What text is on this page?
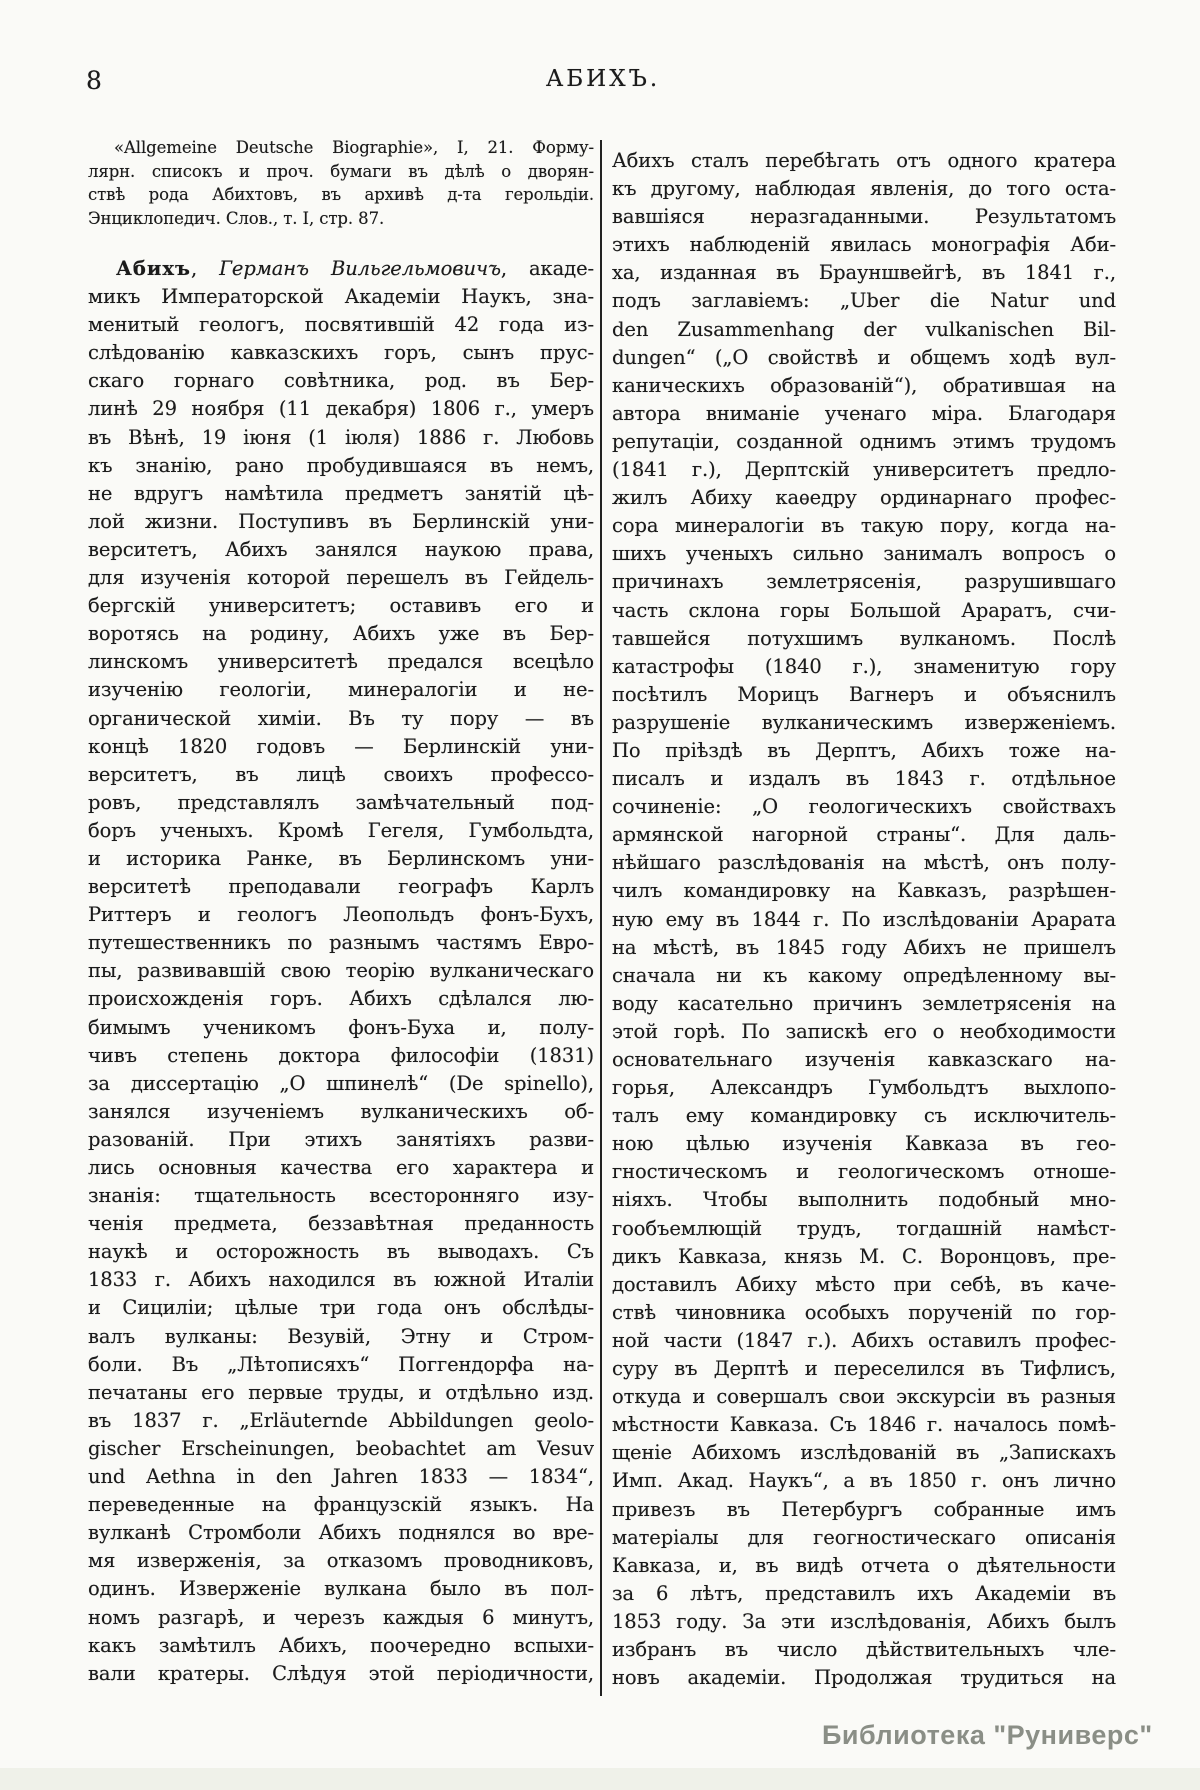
8	АБИХЪ.
«Allgemeine Deutsche Biographie», I, 21. Форму-
лярн. списокъ и проч. бумаги въ дѣлѣ о дворян-
ствѣ рода Абихтовъ, въ архивѣ д-та герольдіи.
Энциклопедич. Слов., т. I, стр. 87.
Абихъ, Германъ Вильгельмовичъ, акаде-
микъ Императорской Академіи Наукъ, зна-
менитый геологъ, посвятившій 42 года из-
слѣдованію кавказскихъ горъ, сынъ прус-
скаго горнаго совѣтника, род. въ Бер-
линѣ 29 ноября (11 декабря) 1806 г., умеръ
въ Вѣнѣ, 19 іюня (1 іюля) 1886 г. Любовь
къ знанію, рано пробудившаяся въ немъ,
не вдругъ намѣтила предметъ занятій цѣ-
лой жизни. Поступивъ въ Берлинскій уни-
верситетъ, Абихъ занялся наукою права,
для изученія которой перешелъ въ Гейдель-
бергскій университетъ; оставивъ его и
воротясь на родину, Абихъ уже въ Бер-
линскомъ университетѣ предался всецѣло
изученію геологіи, минералогіи и не-
органической химіи. Въ ту пору — въ
концѣ 1820 годовъ — Берлинскій уни-
верситетъ, въ лицѣ своихъ профессо-
ровъ, представлялъ замѣчательный под-
боръ ученыхъ. Кромѣ Гегеля, Гумбольдта,
и историка Ранке, въ Берлинскомъ уни-
верситетѣ преподавали географъ Карлъ
Риттеръ и геологъ Леопольдъ фонъ-Бухъ,
путешественникъ по разнымъ частямъ Евро-
пы, развивавшій свою теорію вулканическаго
происхожденія горъ. Абихъ сдѣлался лю-
бимымъ ученикомъ фонъ-Буха и, полу-
чивъ степень доктора философіи (1831)
за диссертацію „О шпинелѣ“ (De spinello),
занялся изученіемъ вулканическихъ об-
разованій. При этихъ занятіяхъ разви-
лись основныя качества его характера и
знанія: тщательность всесторонняго изу-
ченія предмета, беззавѣтная преданность
наукѣ и осторожность въ выводахъ. Съ
1833 г. Абихъ находился въ южной Италіи
и Сициліи; цѣлые три года онъ обслѣды-
валъ вулканы: Везувій, Этну и Стром-
боли. Въ „Лѣтописяхъ“ Поггендорфа на-
печатаны его первые труды, и отдѣльно изд.
въ 1837 г. „Erläuternde Abbildungen geolo-
gischer Erscheinungen, beobachtet am Vesuv
und Aethna in den Jahren 1833 — 1834“,
переведенные на французскій языкъ. На
вулканѣ Стромболи Абихъ поднялся во вре-
мя изверженія, за отказомъ проводниковъ,
одинъ. Изверженіе вулкана было въ пол-
номъ разгарѣ, и черезъ каждыя 6 минутъ,
какъ замѣтилъ Абихъ, поочередно вспыхи-
вали кратеры. Слѣдуя этой періодичности,
Абихъ сталъ перебѣгать отъ одного кратера
къ другому, наблюдая явленія, до того оста-
вавшіяся неразгаданными. Результатомъ
этихъ наблюденій явилась монографія Аби-
ха, изданная въ Брауншвейгѣ, въ 1841 г.,
подъ заглавіемъ: „Uber die Natur und
den Zusammenhang der vulkanischen Bil-
dungen“ („О свойствѣ и общемъ ходѣ вул-
каническихъ образованій“), обратившая на
автора вниманіе ученаго міра. Благодаря
репутаціи, созданной однимъ этимъ трудомъ
(1841 г.), Дерптскій университетъ предло-
жилъ Абиху каѳедру ординарнаго профес-
сора минералогіи въ такую пору, когда на-
шихъ ученыхъ сильно занималъ вопросъ о
причинахъ землетрясенія, разрушившаго
часть склона горы Большой Араратъ, счи-
тавшейся потухшимъ вулканомъ. Послѣ
катастрофы (1840 г.), знаменитую гору
посѣтилъ Морицъ Вагнеръ и объяснилъ
разрушеніе вулканическимъ изверженіемъ.
По пріѣздѣ въ Дерптъ, Абихъ тоже на-
писалъ и издалъ въ 1843 г. отдѣльное
сочиненіе: „О геологическихъ свойствахъ
армянской нагорной страны“. Для даль-
нѣйшаго разслѣдованія на мѣстѣ, онъ полу-
чилъ командировку на Кавказъ, разрѣшен-
ную ему въ 1844 г. По изслѣдованіи Арарата
на мѣстѣ, въ 1845 году Абихъ не пришелъ
сначала ни къ какому опредѣленному вы-
воду касательно причинъ землетрясенія на
этой горѣ. По запискѣ его о необходимости
основательнаго изученія кавказскаго на-
горья, Александръ Гумбольдтъ выхлопо-
талъ ему командировку съ исключитель-
ною цѣлью изученія Кавказа въ гео-
гностическомъ и геологическомъ отноше-
ніяхъ. Чтобы выполнить подобный мно-
гообъемлющій трудъ, тогдашній намѣст-
дикъ Кавказа, князь М. С. Воронцовъ, пре-
доставилъ Абиху мѣсто при себѣ, въ каче-
ствѣ чиновника особыхъ порученій по гор-
ной части (1847 г.). Абихъ оставилъ профес-
суру въ Дерптѣ и переселился въ Тифлисъ,
откуда и совершалъ свои экскурсіи въ разныя
мѣстности Кавказа. Съ 1846 г. началось помѣ-
щеніе Абихомъ изслѣдованій въ „Запискахъ
Имп. Акад. Наукъ“, а въ 1850 г. онъ лично
привезъ въ Петербургъ собранные имъ
матеріалы для геогностическаго описанія
Кавказа, и, въ видѣ отчета о дѣятельности
за 6 лѣтъ, представилъ ихъ Академіи въ
1853 году. За эти изслѣдованія, Абихъ былъ
избранъ въ число дѣйствительныхъ чле-
новъ академіи. Продолжая трудиться на
Библиотека "Руниверс"
